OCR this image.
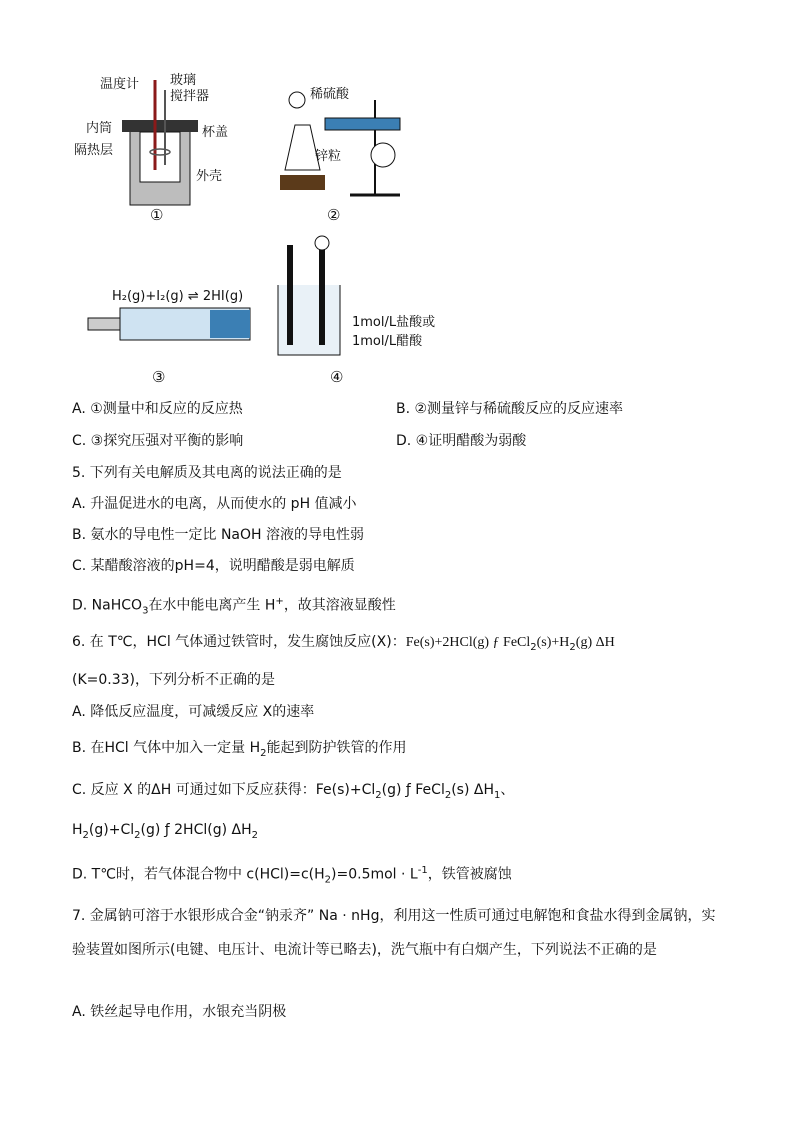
温度计 玻璃
搅拌器
内筒	杯盖
隔热层
外壳
①
稀硫酸
锌粒
②
H₂(g)+I₂(g) ⇌ 2HI(g)
③
1mol/L盐酸或
1mol/L醋酸
④
A. ①测量中和反应的反应热	B. ②测量锌与稀硫酸反应的反应速率
C. ③探究压强对平衡的影响	D. ④证明醋酸为弱酸
5. 下列有关电解质及其电离的说法正确的是
A. 升温促进水的电离，从而使水的 pH 值减小
B. 氨水的导电性一定比 NaOH 溶液的导电性弱
C. 某醋酸溶液的pH=4，说明醋酸是弱电解质
D. NaHCO$_3$在水中能电离产生 H+，故其溶液显酸性
6. 在 T℃，HCl 气体通过铁管时，发生腐蚀反应(X)：Fe(s)+2HCl(g) ƒ $FeCl_2(s)+H_2(g)$ ΔH
(K=0.33)，下列分析不正确的是
A. 降低反应温度，可减缓反应 X的速率
B. 在HCl 气体中加入一定量 $H_2$能起到防护铁管的作用
C. 反应 X 的ΔH 可通过如下反应获得：$Fe(s)+Cl_2(g)$ ƒ FeCl$_2$(s) $\Delta H_1$、
$H_2(g)+Cl_2(g)$ ƒ 2HCl(g) $\Delta H_2$
D. T℃时，若气体混合物中 $c(HCl)=c(H_2)=0.5mol \cdot L^{-1}$，铁管被腐蚀
7. 金属钠可溶于水银形成合金“钠汞齐” Na · nHg，利用这一性质可通过电解饱和食盐水得到金属钠，实
验装置如图所示(电键、电压计、电流计等已略去)，洗气瓶中有白烟产生，下列说法不正确的是
A. 铁丝起导电作用，水银充当阴极
